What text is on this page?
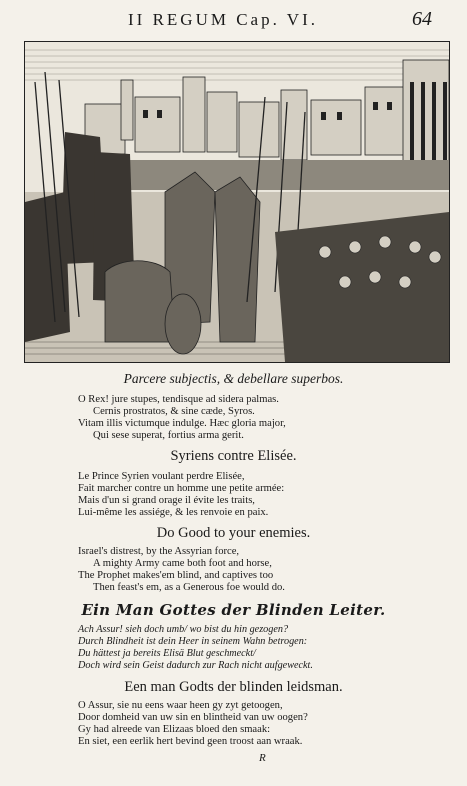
II REGUM Cap. VI.	64
Parcere subjectis, & debellare superbos.
O Rex! jure stupes, tendisque ad sidera palmas.
Cernis prostratos, & sine cæde, Syros.
Vitam illis victumque indulge. Hæc gloria major,
Qui sese superat, fortius arma gerit.
Syriens contre Elisée.
Le Prince Syrien voulant perdre Elisée,
Fait marcher contre un homme une petite armée:
Mais d'un si grand orage il évite les traits,
Lui-même les assiége, & les renvoie en paix.
Do Good to your enemies.
Israel's distrest, by the Assyrian force,
A mighty Army came both foot and horse,
The Prophet makes'em blind, and captives too
Then feast's em, as a Generous foe would do.
Ein Man Gottes der Blinden Leiter.
Ach Assur! sieh doch umb/ wo bist du hin gezogen?
Durch Blindheit ist dein Heer in seinem Wahn betrogen:
Du hättest ja bereits Elisä Blut geschmeckt/
Doch wird sein Geist dadurch zur Rach nicht aufgeweckt.
Een man Godts der blinden leidsman.
O Assur, sie nu eens waar heen gy zyt getoogen,
Door domheid van uw sin en blintheid van uw oogen?
Gy had alreede van Elizaas bloed den smaak:
En siet, een eerlik hert bevind geen troost aan wraak.
R
